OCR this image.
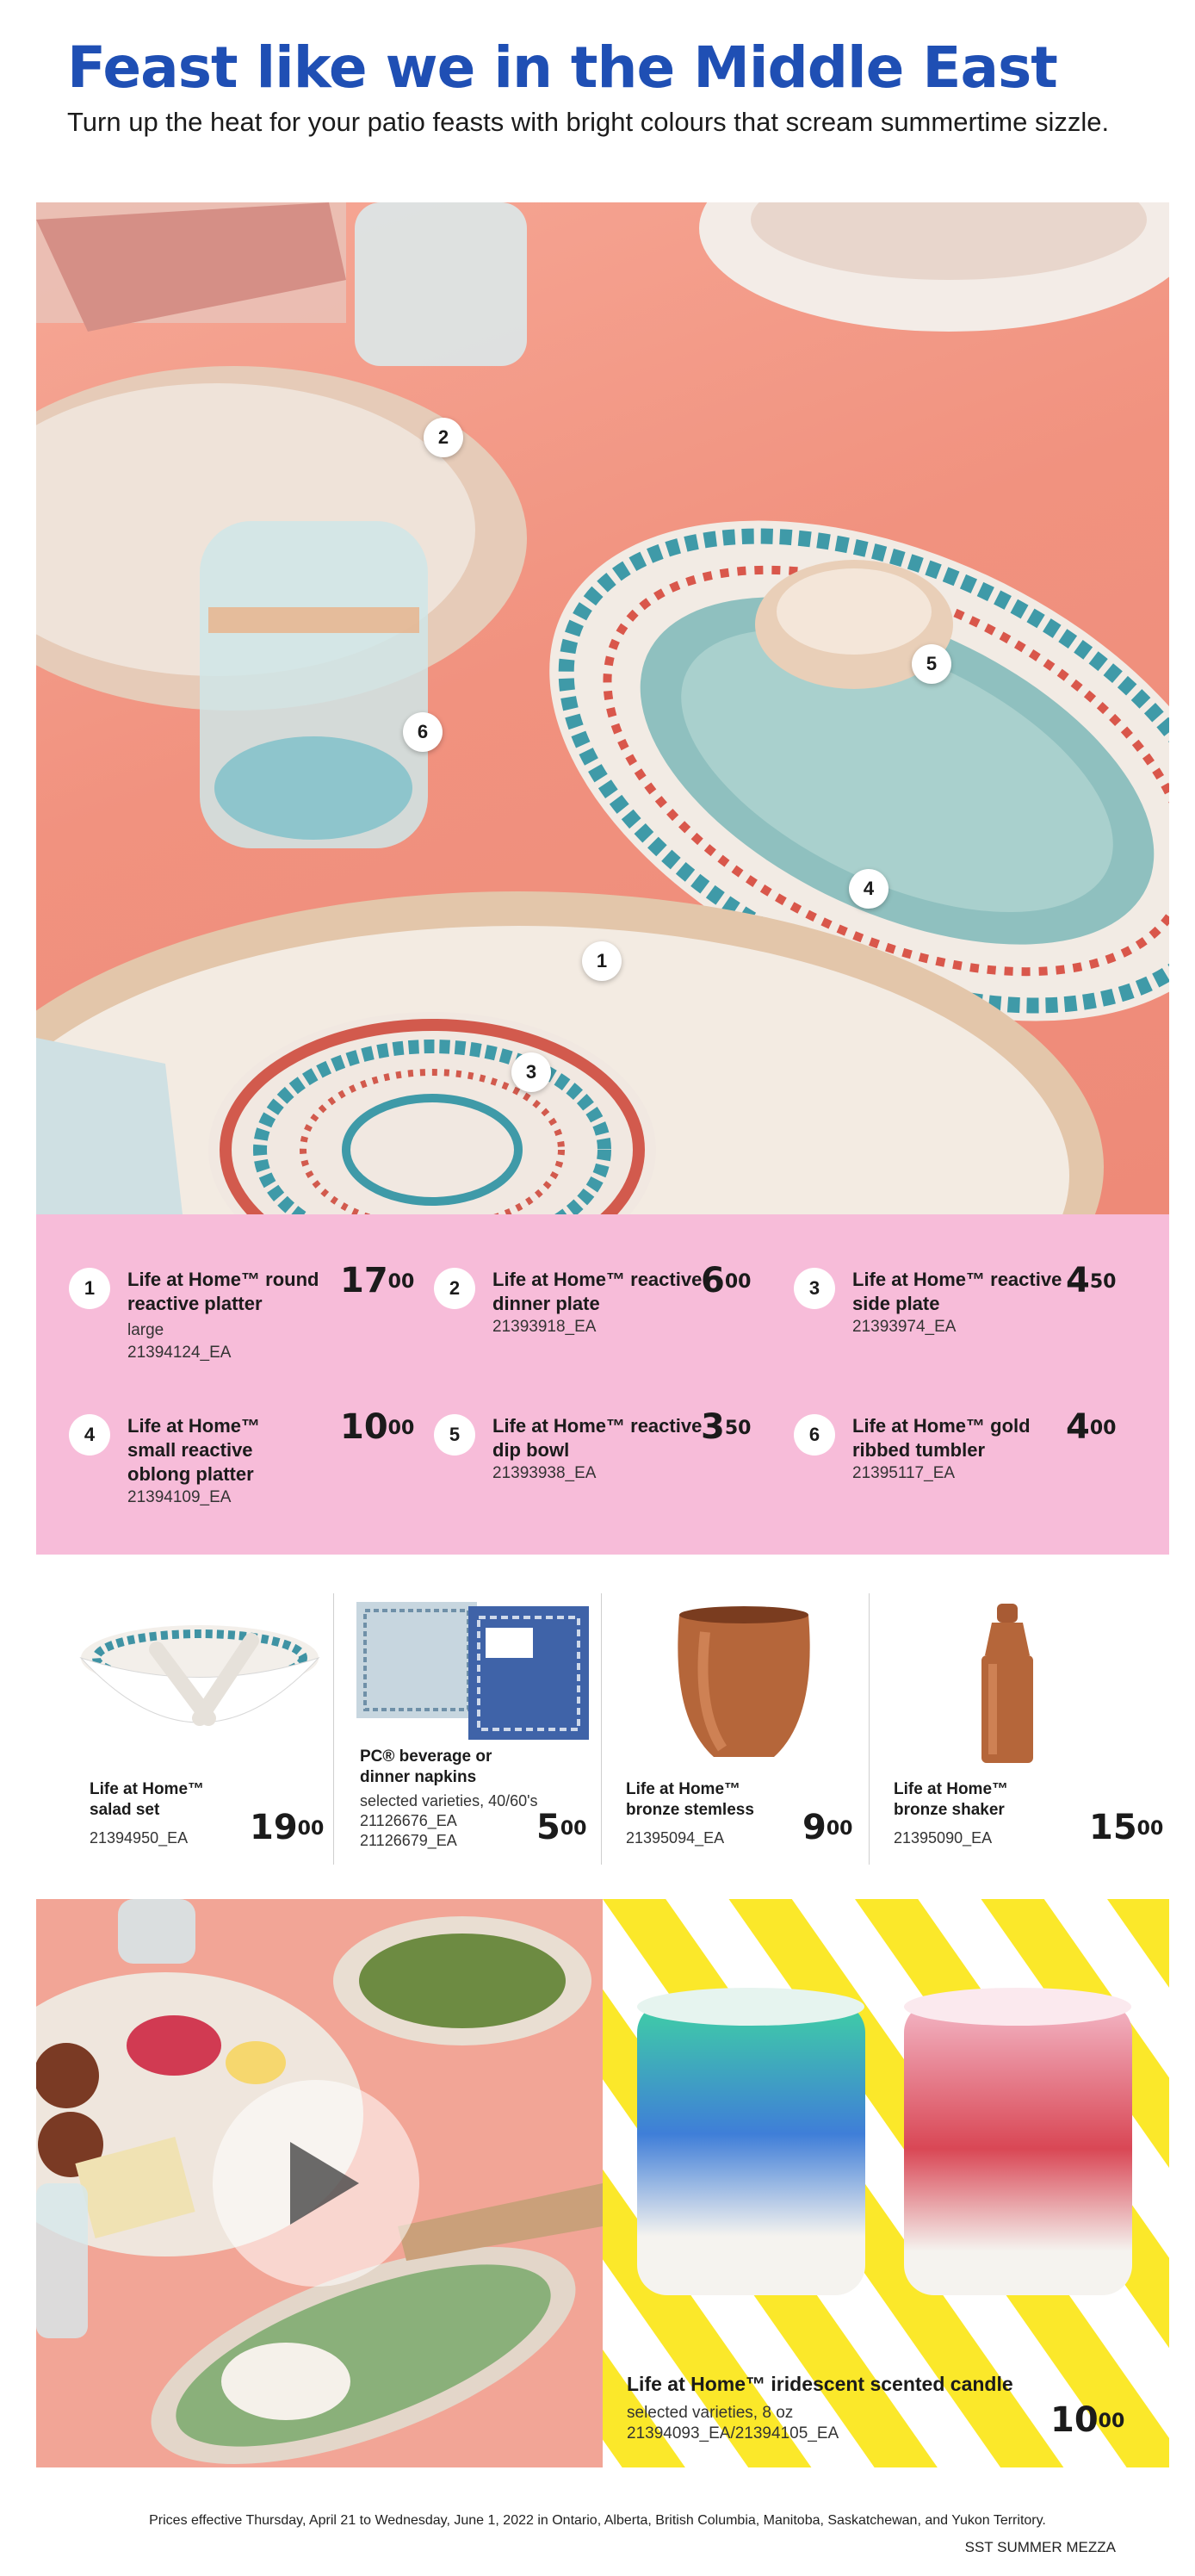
Feast like we in the Middle East
Turn up the heat for your patio feasts with bright colours that scream summertime sizzle.
2
5
6
4
1
3
1	Life at Home™ round reactive platter
large
21394124_EA
$17^{00}$	2	Life at Home™ reactive dinner plate
21393918_EA
$6^{00}$	3	Life at Home™ reactive side plate
21393974_EA
$4^{50}$
4	Life at Home™ small reactive oblong platter
21394109_EA
$10^{00}$	5	Life at Home™ reactive dip bowl
21393938_EA
$3^{50}$	6	Life at Home™ gold ribbed tumbler
21395117_EA
$4^{00}$
Life at Home™ salad set
21394950_EA $19^{00}$
PC® beverage or dinner napkins
selected varieties, 40/60's
21126676_EA
21126679_EA $5^{00}$
Life at Home™ bronze stemless
21395094_EA $9^{00}$
Life at Home™ bronze shaker
21395090_EA	$15^{00}$
Life at Home™ iridescent scented candle
selected varieties, 8 oz
21394093_EA/21394105_EA	$10^{00}$
Prices effective Thursday, April 21 to Wednesday, June 1, 2022 in Ontario, Alberta, British Columbia, Manitoba, Saskatchewan, and Yukon Territory.
SST SUMMER MEZZA
